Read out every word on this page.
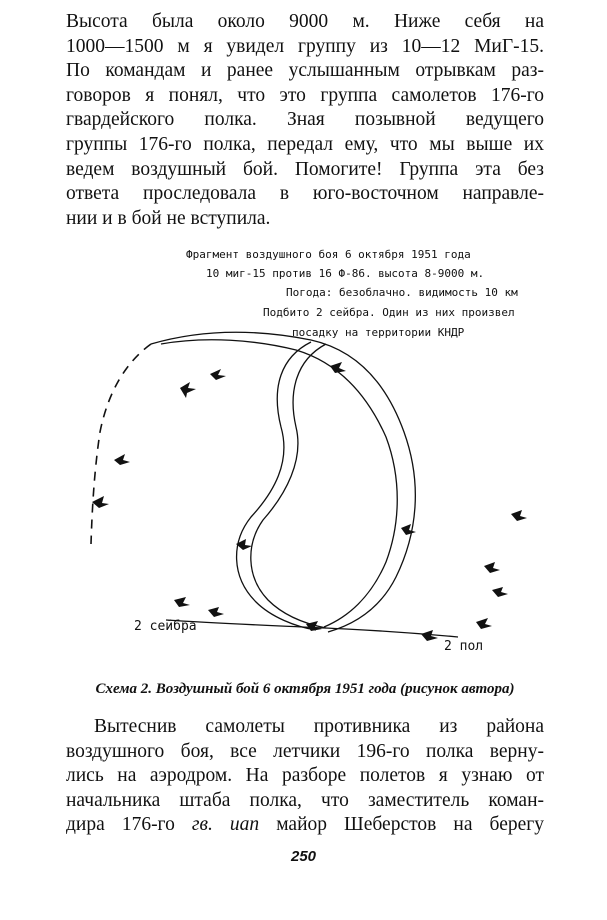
Высота была около 9000 м. Ниже себя на
1000—1500 м я увидел группу из 10—12 МиГ-15.
По командам и ранее услышанным отрывкам раз-
говоров я понял, что это группа самолетов 176-го
гвардейского полка. Зная позывной ведущего
группы 176-го полка, передал ему, что мы выше их
ведем воздушный бой. Помогите! Группа эта без
ответа проследовала в юго-восточном направле-
нии и в бой не вступила.
Фрагмент воздушного боя 6 октября 1951 года
10 миг-15 против 16 Ф-86. высота 8-9000 м.
Погода: безоблачно. видимость 10 км
Подбито 2 сейбра. Один из них произвел
посадку на территории КНДР
2 сейбра
2 пол
Схема 2. Воздушный бой 6 октября 1951 года (рисунок автора)
Вытеснив самолеты противника из района
воздушного боя, все летчики 196-го полка верну-
лись на аэродром. На разборе полетов я узнаю от
начальника штаба полка, что заместитель коман-
дира 176-го гв. иап майор Шеберстов на берегу
250
